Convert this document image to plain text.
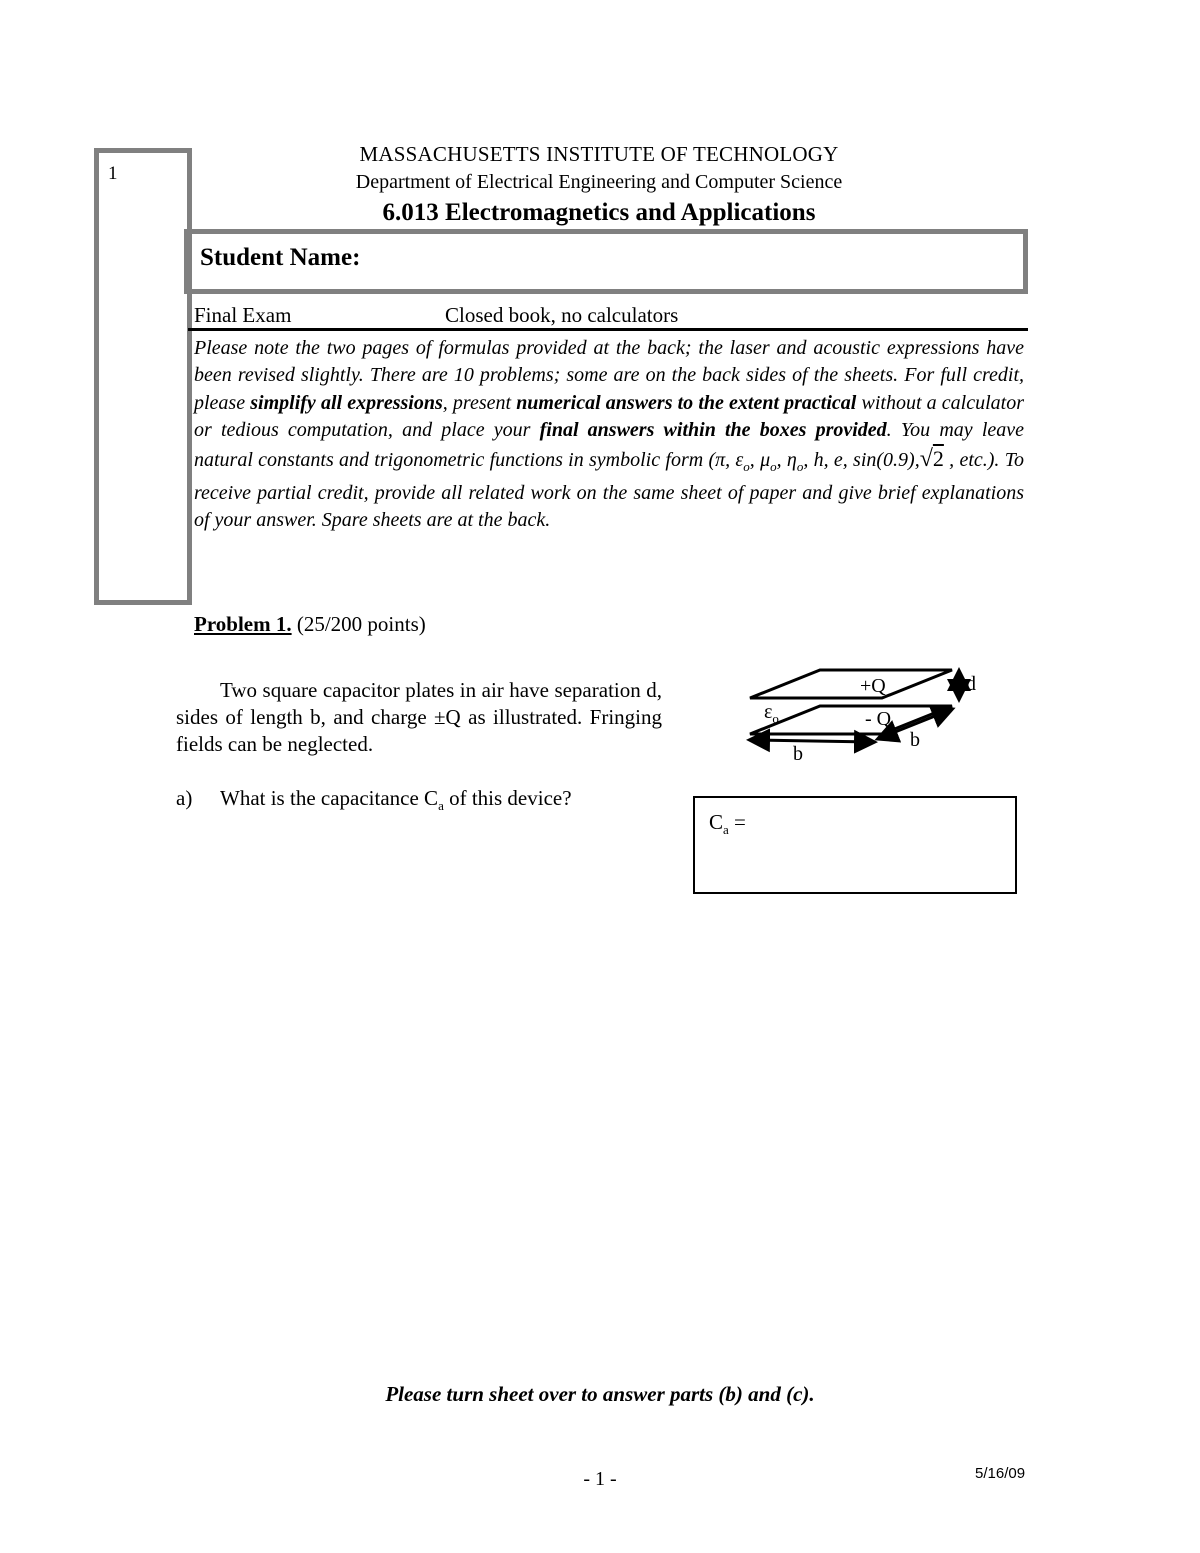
1
MASSACHUSETTS INSTITUTE OF TECHNOLOGY
Department of Electrical Engineering and Computer Science
6.013 Electromagnetics and Applications
Student Name:
Final Exam	Closed book, no calculators
Please note the two pages of formulas provided at the back; the laser and acoustic expressions have been revised slightly. There are 10 problems; some are on the back sides of the sheets. For full credit, please simplify all expressions, present numerical answers to the extent practical without a calculator or tedious computation, and place your final answers within the boxes provided. You may leave natural constants and trigonometric functions in symbolic form (π, $\varepsilon_o$, $\mu_o$, $\eta_o$, h, e, sin(0.9),√2 , etc.). To receive partial credit, provide all related work on the same sheet of paper and give brief explanations of your answer. Spare sheets are at the back.
Problem 1. (25/200 points)
Two square capacitor plates in air have separation d, sides of length b, and charge ±Q as illustrated. Fringing fields can be neglected.
a) What is the capacitance $C_a$ of this device?
$C_a$ =
+Q
- Q
d
b
b
$\varepsilon_o$
Please turn sheet over to answer parts (b) and (c).
- 1 -	5/16/09
